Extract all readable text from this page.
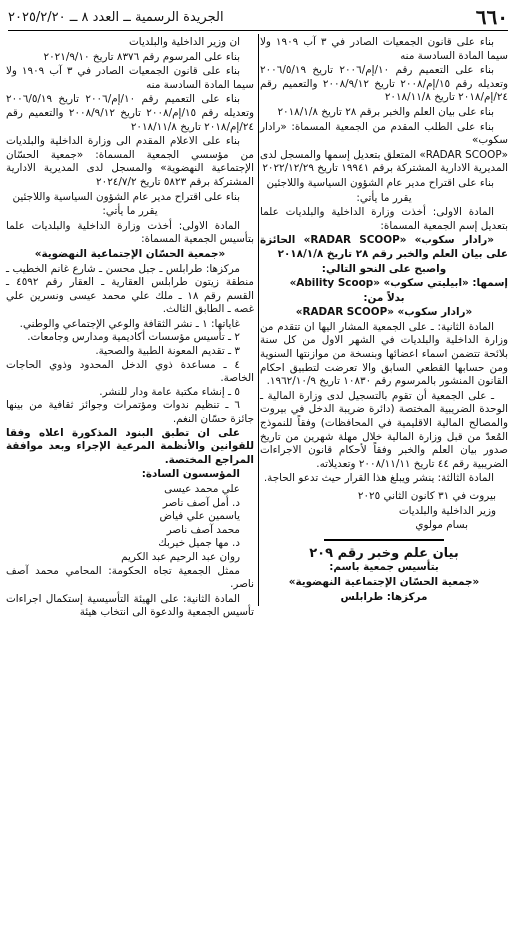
٦٦٠
الجريدة الرسمية ــ العدد ٨ ــ ٢٠٢٥/٢/٢٠

بناء على قانون الجمعيات الصادر في ٣ آب ١٩٠٩ ولا سيما المادة السادسة منه

بناء على التعميم رقم ١٠/إم/٢٠٠٦ تاريخ ٢٠٠٦/٥/١٩ وتعديله رقم ١٥/إم/٢٠٠٨ تاريخ ٢٠٠٨/٩/١٢ والتعميم رقم ٢٤/إم/٢٠١٨ تاريخ ٢٠١٨/١١/٨

بناء على بيان العلم والخبر برقم ٢٨ تاريخ ٢٠١٨/١/٨

بناء على الطلب المقدم من الجمعية المسماة: «رادار سكوب»

«RADAR SCOOP» المتعلق بتعديل إسمها والمسجل لدى المديرية الادارية المشتركة برقم ١٩٩٤١ تاريخ ٢٠٢٢/١٢/٢٩

بناء على اقتراح مدير عام الشؤون السياسية واللاجئين

يقرر ما يأتي:

المادة الاولى: أخذت وزارة الداخلية والبلديات علما بتعديل إسم الجمعية المسماة:

«رادار سكوب» «RADAR SCOOP» الحائزة على بيان العلم والخبر رقم ٢٨ تاريخ ٢٠١٨/١/٨

واصبح على النحو التالي:

إسمها: «ابيليتي سكوب» «Ability Scoop»

بدلاً من:

«رادار سكوب» «RADAR SCOOP»

المادة الثانية: ـ على الجمعية المشار اليها ان تتقدم من وزارة الداخلية والبلديات في الشهر الاول من كل سنة بلائحة تتضمن اسماء اعضائها وبنسخة من موازنتها السنوية ومن حسابها القطعي السابق والا تعرضت لتطبيق احكام القانون المنشور بالمرسوم رقم ١٠٨٣٠ تاريخ ١٩٦٢/١٠/٩.

ـ على الجمعية أن تقوم بالتسجيل لدى وزارة المالية ـ الوحدة الضريبية المختصة (دائرة ضريبة الدخل في بيروت والمصالح المالية الاقليمية في المحافظات) وفقاً للنموذج المُعدّ من قبل وزارة المالية خلال مهلة شهرين من تاريخ صدور بيان العلم والخبر وفقاً لأحكام قانون الاجراءات الضريبية رقم ٤٤ تاريخ ٢٠٠٨/١١/١١ وتعديلاته.

المادة الثالثة: ينشر ويبلغ هذا القرار حيث تدعو الحاجة.

بيروت في ٣١ كانون الثاني ٢٠٢٥

وزير الداخلية والبلديات

بسام مولوي

بيان علم وخبر رقم ٢٠٩

بتأسيس جمعية باسم:

«جمعية الحسّان الإجتماعية النهضوية»

مركزها: طرابلس

ان وزير الداخلية والبلديات

بناء على المرسوم رقم ٨٣٧٦ تاريخ ٢٠٢١/٩/١٠

بناء على قانون الجمعيات الصادر في ٣ آب ١٩٠٩ ولا سيما المادة السادسة منه

بناء على التعميم رقم ١٠/إم/٢٠٠٦ تاريخ ٢٠٠٦/٥/١٩ وتعديله رقم ١٥/إم/٢٠٠٨ تاريخ ٢٠٠٨/٩/١٢ والتعميم رقم ٢٤/إم/٢٠١٨ تاريخ ٢٠١٨/١١/٨

بناء على الاعلام المقدم الى وزارة الداخلية والبلديات من مؤسسي الجمعية المسماة: «جمعية الحسّان الإجتماعية النهضوية» والمسجل لدى المديرية الادارية المشتركة برقم ٥٨٢٣ تاريخ ٢٠٢٤/٧/٢

بناء على اقتراح مدير عام الشؤون السياسية واللاجئين

يقرر ما يأتي:

المادة الاولى: أخذت وزارة الداخلية والبلديات علما بتأسيس الجمعية المسماة:

«جمعية الحسّان الإجتماعية النهضوية»

مركزها: طرابلس ـ جبل محسن ـ شارع غانم الخطيب ـ منطقة زيتون طرابلس العقارية ـ العقار رقم ٤٥٩٢ ـ القسم رقم ١٨ ـ ملك علي محمد عيسى ونسرين علي غصه ـ الطابق الثالث.

غاياتها: ١ ـ نشر الثقافة والوعي الإجتماعي والوطني.

٢ ـ تأسيس مؤسسات أكاديمية ومدارس وجامعات.

٣ ـ تقديم المعونة الطبية والصحية.

٤ ـ مساعدة ذوي الدخل المحدود وذوي الحاجات الخاصة.

٥ ـ إنشاء مكتبة عامة ودار للنشر.

٦ ـ تنظيم ندوات ومؤتمرات وجوائز ثقافية من بينها جائزة حسّان النغم.

على ان تطبق البنود المذكورة اعلاه وفقا للقوانين والأنظمة المرعية الإجراء وبعد موافقة المراجع المختصة.

المؤسسون السادة:

علي محمد عيسى

د. أمل آصف ناصر

ياسمين علي فياض

محمد آصف ناصر

د. مها جميل خيربك

روان عبد الرحيم عبد الكريم

ممثل الجمعية تجاه الحكومة: المحامي محمد آصف ناصر.

المادة الثانية: على الهيئة التأسيسية إستكمال اجراءات تأسيس الجمعية والدعوة الى انتخاب هيئة
